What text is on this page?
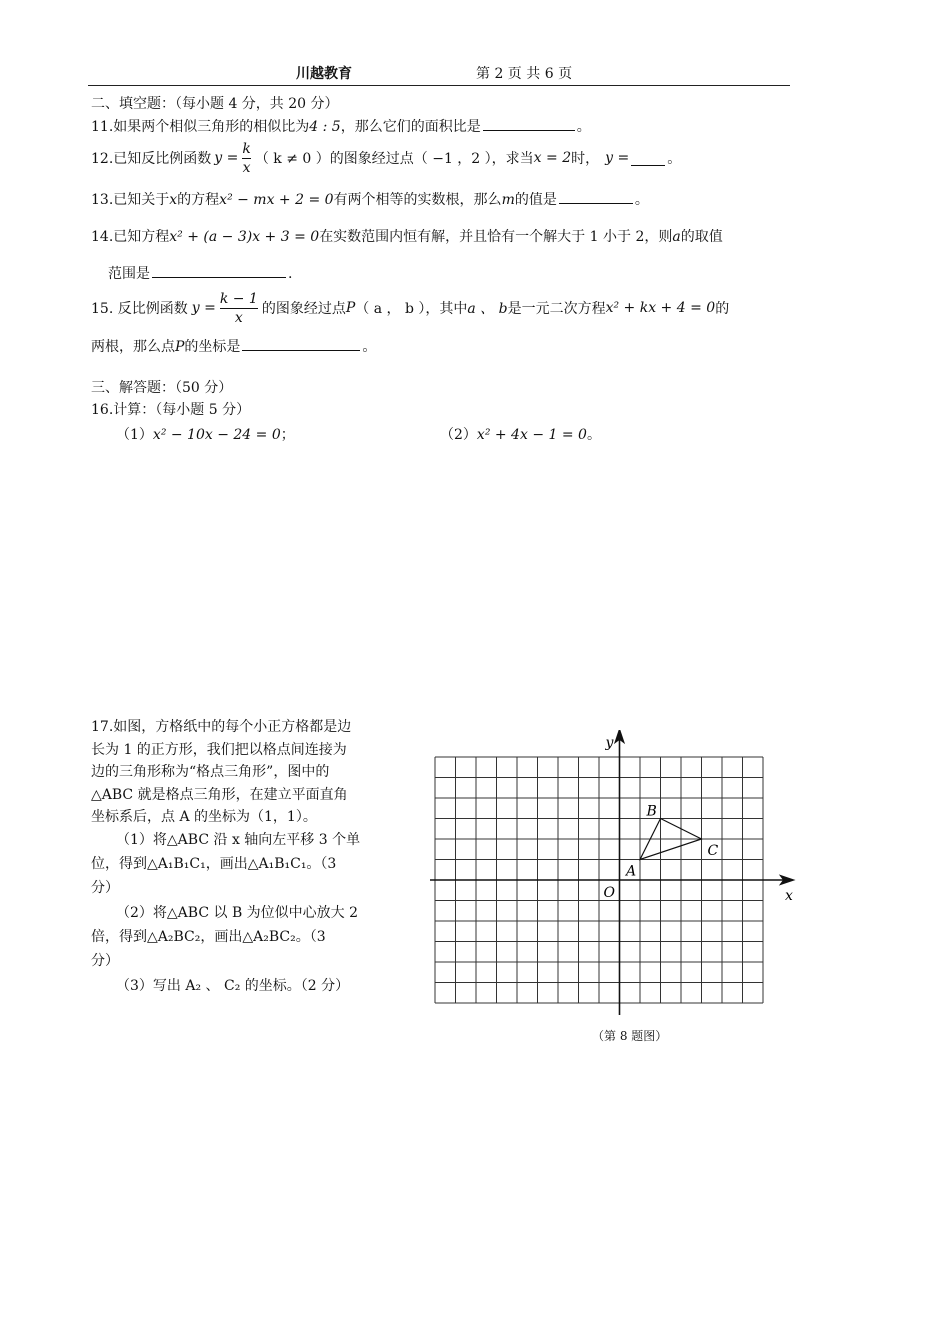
川越教育	第 2 页 共 6 页
二、填空题：（每小题 4 分，共 20 分）
11.如果两个相似三角形的相似比为4 : 5，那么它们的面积比是	。
12.已知反比例函数 $y = \frac{k}{x}$ （ k ≠ 0 ）的图象经过点（ −1 ，2 ），求当 x = 2 时， y =	。
13.已知关于x的方程x² − mx + 2 = 0有两个相等的实数根，那么m的值是	。
14.已知方程x² + (a − 3)x + 3 = 0在实数范围内恒有解，并且恰有一个解大于 1 小于 2，则a的取值
范围是	.
15. 反比例函数 $y = \frac{k - 1}{x}$ 的图象经过点 P （ a ， b ），其中 a 、 b 是一元二次方程 x² + kx + 4 = 0 的
两根，那么点P的坐标是	。
三、解答题：（50 分）
16.计算：（每小题 5 分）
（1）x² − 10x − 24 = 0；	（2）x² + 4x − 1 = 0。
17.如图，方格纸中的每个小正方格都是边
长为 1 的正方形，我们把以格点间连接为
边的三角形称为“格点三角形”，图中的
△ABC 就是格点三角形，在建立平面直角
坐标系后，点 A 的坐标为（1，1）。
（1）将△ABC 沿 x 轴向左平移 3 个单
位，得到△A₁B₁C₁，画出△A₁B₁C₁。（3
分）
（2）将△ABC 以 B 为位似中心放大 2
倍，得到△A₂BC₂，画出△A₂BC₂。（3
分）
（3）写出 A₂ 、 C₂ 的坐标。（2 分）
x
y
O
A
B
C
（第 8 题图）
